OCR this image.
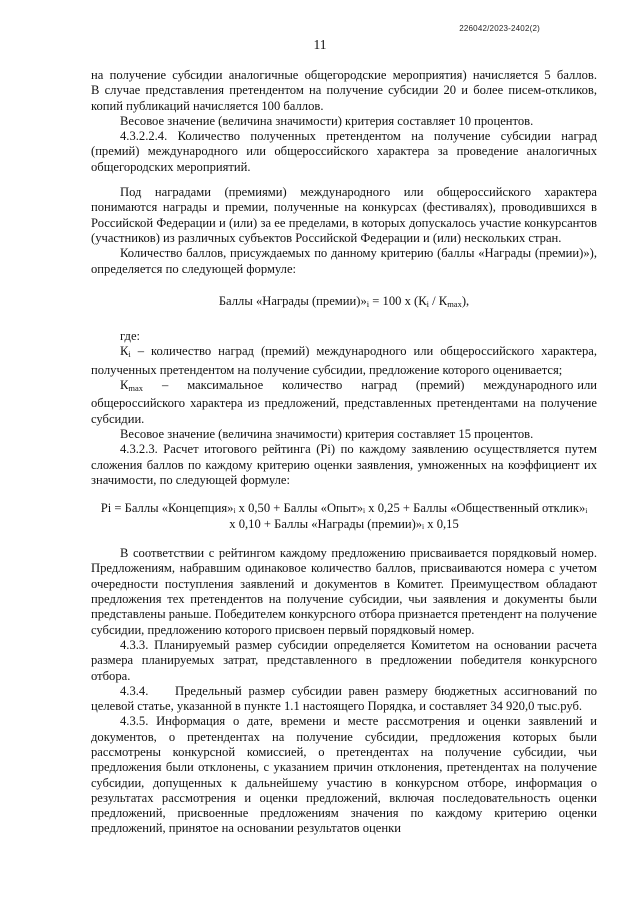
226042/2023-2402(2)
11

на получение субсидии аналогичные общегородские мероприятия) начисляется 5 баллов.

В случае представления претендентом на получение субсидии 20 и более писем-откликов,

копий публикаций начисляется 100 баллов.

Весовое значение (величина значимости) критерия составляет 10 процентов.

4.3.2.2.4. Количество полученных претендентом на получение субсидии наград (премий) международного или общероссийского характера за проведение аналогичных общегородских мероприятий.

Под наградами (премиями) международного или общероссийского характера понимаются награды и премии, полученные на конкурсах (фестивалях), проводившихся в Российской Федерации и (или) за ее пределами, в которых допускалось участие конкурсантов (участников) из различных субъектов Российской Федерации и (или) нескольких стран.

Количество баллов, присуждаемых по данному критерию (баллы «Награды (премии)»), определяется по следующей формуле:

Баллы «Награды $(премии)»_i = 100$ х $(К_i / К_{max})$,

где:

$К_i$ – количество наград (премий) международного или общероссийского характера, полученных претендентом на получение субсидии, предложение которого оценивается;

$К_{max}$     –     максимальное     количество     наград     (премий)     международного или общероссийского характера из предложений, представленных претендентами на получение субсидии.

Весовое значение (величина значимости) критерия составляет 15 процентов.

4.3.2.3. Расчет итогового рейтинга (Pi) по каждому заявлению осуществляется путем сложения баллов по каждому критерию оценки заявления, умноженных на коэффициент их значимости, по следующей формуле:

Pi = Баллы «Концепция»ᵢ х 0,50 + Баллы «Опыт»ᵢ х 0,25 + Баллы «Общественный отклик»ᵢ
х 0,10 + Баллы «Награды (премии)»ᵢ х 0,15

В соответствии с рейтингом каждому предложению присваивается порядковый номер. Предложениям, набравшим одинаковое количество баллов, присваиваются номера с учетом очередности поступления заявлений и документов в Комитет. Преимуществом обладают предложения тех претендентов на получение субсидии, чьи заявления и документы были представлены раньше. Победителем конкурсного отбора признается претендент на получение субсидии, предложению которого присвоен первый порядковый номер.

4.3.3. Планируемый размер субсидии определяется Комитетом на основании расчета размера планируемых затрат, представленного в предложении победителя конкурсного отбора.

4.3.4.    Предельный размер субсидии равен размеру бюджетных ассигнований по целевой статье, указанной в пункте 1.1 настоящего Порядка, и составляет 34 920,0 тыс.руб.

4.3.5. Информация о дате, времени и месте рассмотрения и оценки заявлений и документов, о претендентах на получение субсидии, предложения которых были рассмотрены конкурсной комиссией, о претендентах на получение субсидии, чьи предложения были отклонены, с указанием причин отклонения, претендентах на получение субсидии, допущенных к дальнейшему участию в конкурсном отборе, информация о результатах рассмотрения и оценки предложений, включая последовательность оценки предложений, присвоенные предложениям значения по каждому критерию оценки предложений, принятое на основании результатов оценки
